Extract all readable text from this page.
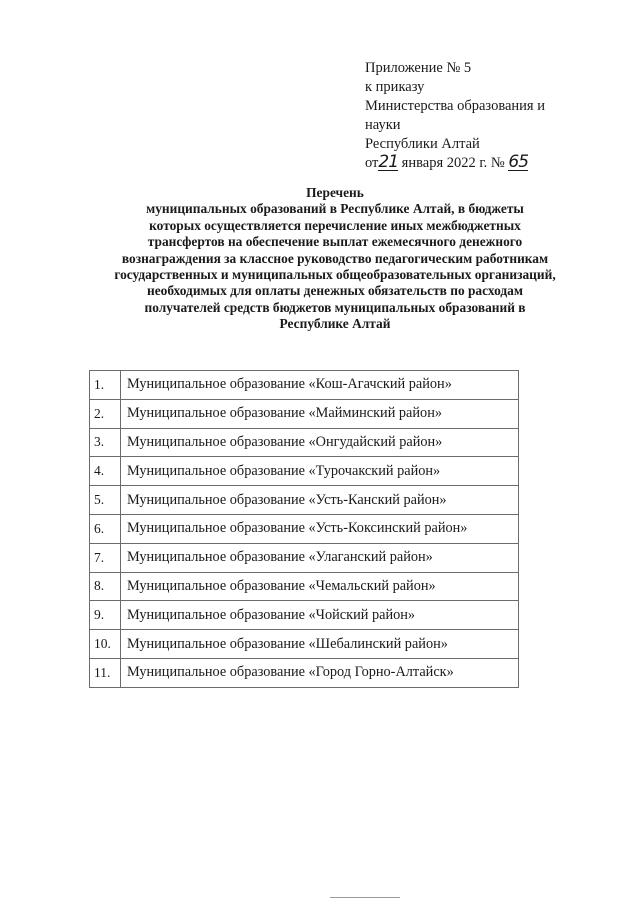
Приложение № 5
к приказу
Министерства образования и
науки
Республики Алтай
от21 января 2022 г. № 65
Перечень
муниципальных образований в Республике Алтай, в бюджеты
которых осуществляется перечисление иных межбюджетных
трансфертов на обеспечение выплат ежемесячного денежного
вознаграждения за классное руководство педагогическим работникам
государственных и муниципальных общеобразовательных организаций,
необходимых для оплаты денежных обязательств по расходам
получателей средств бюджетов муниципальных образований в
Республике Алтай
1.	Муниципальное образование «Кош-Агачский район»
2.	Муниципальное образование «Майминский район»
3.	Муниципальное образование «Онгудайский район»
4.	Муниципальное образование «Турочакский район»
5.	Муниципальное образование «Усть-Канский район»
6.	Муниципальное образование «Усть-Коксинский район»
7.	Муниципальное образование «Улаганский район»
8.	Муниципальное образование «Чемальский район»
9.	Муниципальное образование «Чойский район»
10.	Муниципальное образование «Шебалинский район»
11.	Муниципальное образование «Город Горно-Алтайск»
